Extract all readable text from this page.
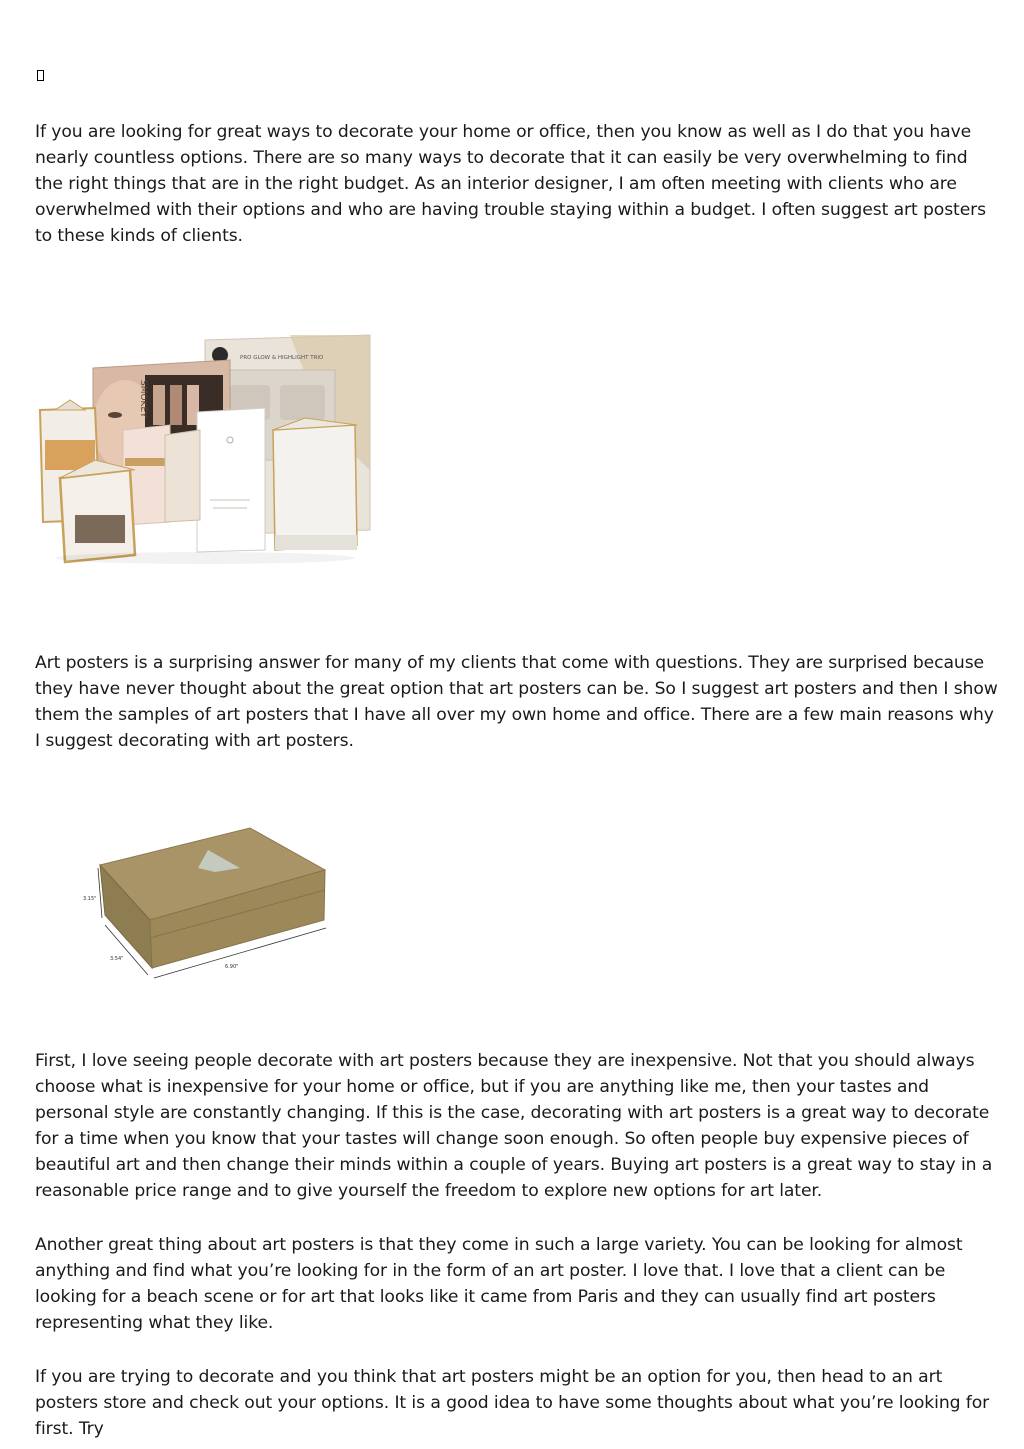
If you are looking for great ways to decorate your home or office, then you know as well as I do that you have nearly countless options. There are so many ways to decorate that it can easily be very overwhelming to find the right things that are in the right budget. As an interior designer, I am often meeting with clients who are overwhelmed with their options and who are having trouble staying within a budget. I often suggest art posters to these kinds of clients.

PRO GLOW & HIGHLIGHT TRIO
SMOKEY

Art posters is a surprising answer for many of my clients that come with questions. They are surprised because they have never thought about the great option that art posters can be. So I suggest art posters and then I show them the samples of art posters that I have all over my own home and office. There are a few main reasons why I suggest decorating with art posters.

3.15"
3.54"
6.90"

First, I love seeing people decorate with art posters because they are inexpensive. Not that you should always choose what is inexpensive for your home or office, but if you are anything like me, then your tastes and personal style are constantly changing. If this is the case, decorating with art posters is a great way to decorate for a time when you know that your tastes will change soon enough. So often people buy expensive pieces of beautiful art and then change their minds within a couple of years. Buying art posters is a great way to stay in a reasonable price range and to give yourself the freedom to explore new options for art later.

Another great thing about art posters is that they come in such a large variety. You can be looking for almost anything and find what you’re looking for in the form of an art poster. I love that. I love that a client can be looking for a beach scene or for art that looks like it came from Paris and they can usually find art posters representing what they like.

If you are trying to decorate and you think that art posters might be an option for you, then head to an art posters store and check out your options. It is a good idea to have some thoughts about what you’re looking for first. Try
